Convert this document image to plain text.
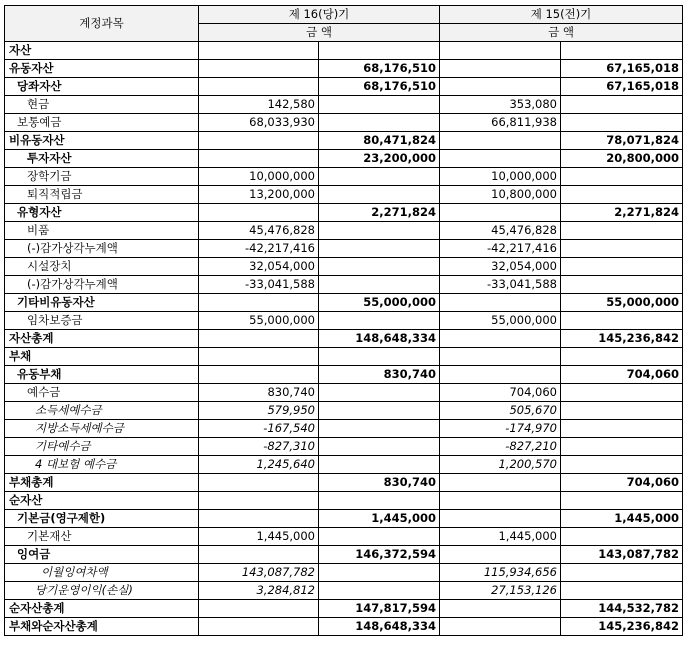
계정과목	제 16(당)기		제 15(전)기	
	금 액		금 액	
자산				
유동자산		68,176,510		67,165,018
당좌자산		68,176,510		67,165,018
현금	142,580		353,080	
보통예금	68,033,930		66,811,938	
비유동자산		80,471,824		78,071,824
투자자산		23,200,000		20,800,000
장학기금	10,000,000		10,000,000	
퇴직적립금	13,200,000		10,800,000	
유형자산		2,271,824		2,271,824
비품	45,476,828		45,476,828	
(-)감가상각누계액	-42,217,416		-42,217,416	
시설장치	32,054,000		32,054,000	
(-)감가상각누계액	-33,041,588		-33,041,588	
기타비유동자산		55,000,000		55,000,000
임차보증금	55,000,000		55,000,000	
자산총계		148,648,334		145,236,842
부채				
유동부채		830,740		704,060
예수금	830,740		704,060	
소득세예수금	579,950		505,670	
지방소득세예수금	-167,540		-174,970	
기타예수금	-827,310		-827,210	
4 대보험 예수금	1,245,640		1,200,570	
부채총계		830,740		704,060
순자산				
기본금(영구제한)		1,445,000		1,445,000
기본재산	1,445,000		1,445,000	
잉여금		146,372,594		143,087,782
이월잉여차액	143,087,782		115,934,656	
당기운영이익(손실)	3,284,812		27,153,126	
순자산총계		147,817,594		144,532,782
부채와순자산총계		148,648,334		145,236,842
